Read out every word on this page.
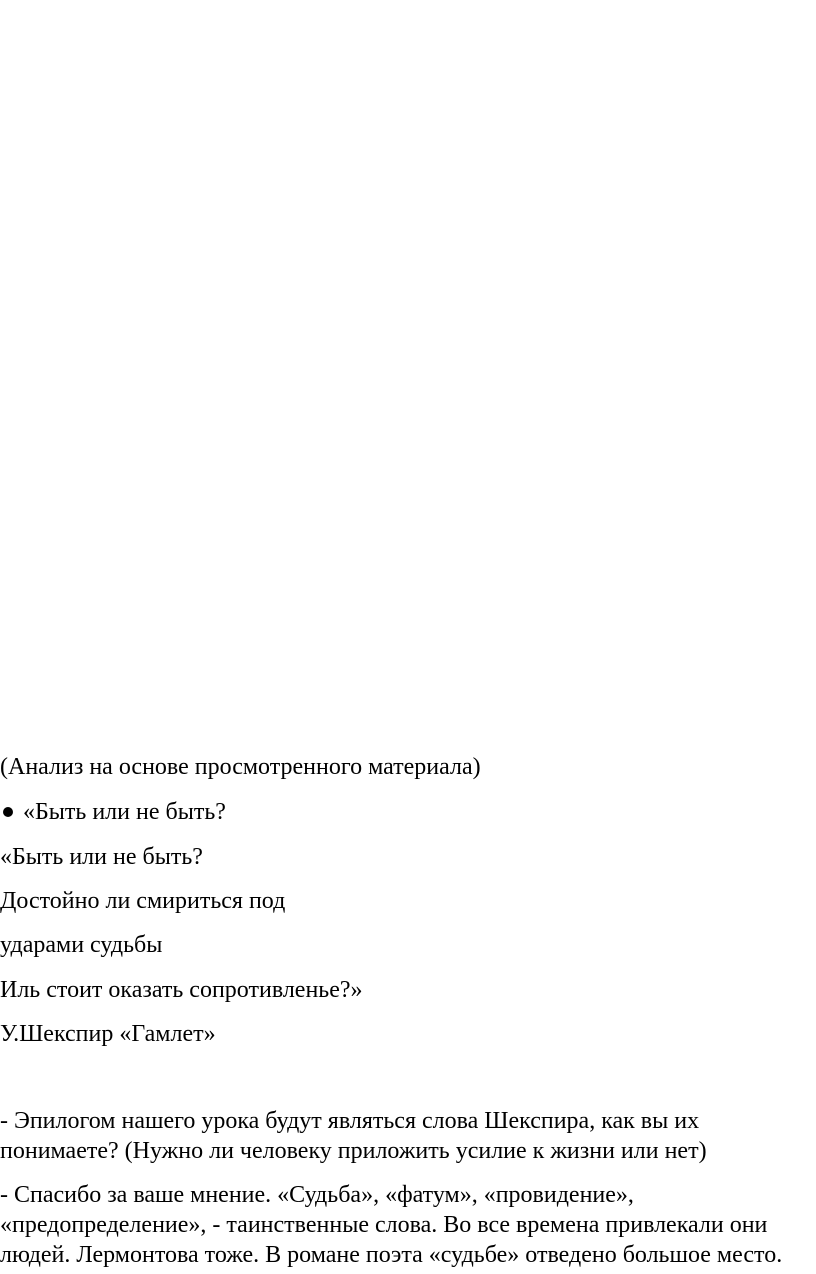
(Анализ на основе просмотренного материала)

«Быть или не быть?

«Быть или не быть?

Достойно ли смириться под

ударами судьбы

Иль стоит оказать сопротивленье?»

У.Шекспир «Гамлет»

- Эпилогом нашего урока будут являться слова Шекспира, как вы их
понимаете? (Нужно ли человеку приложить усилие к жизни или нет)
- Спасибо за ваше мнение. «Судьба», «фатум», «провидение»,
«предопределение», - таинственные слова. Во все времена привлекали они
людей. Лермонтова тоже. В романе поэта «судьбе» отведено большое место.
